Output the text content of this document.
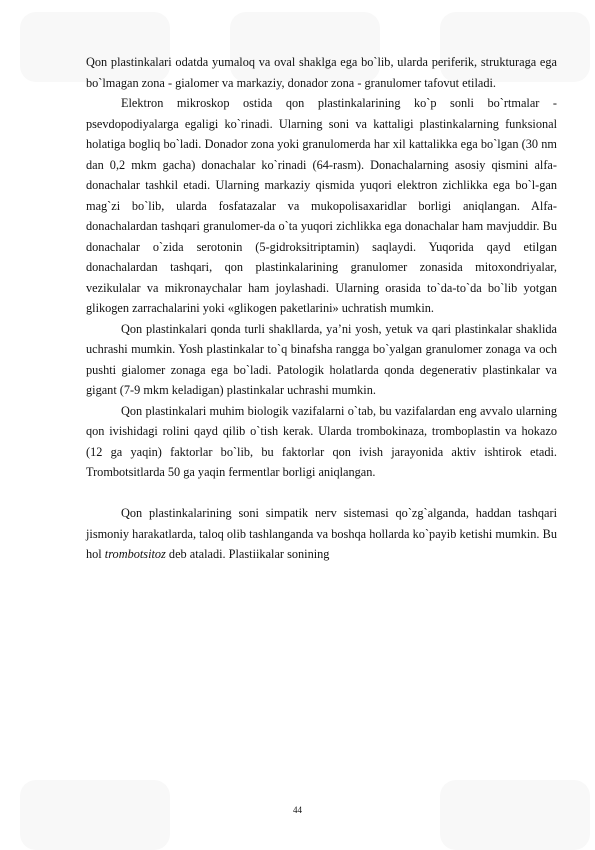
Qon plastinkalari odatda yumaloq va oval shaklga ega bo`lib, ularda periferik, strukturaga ega bo`lmagan zona - gialomer va markaziy, donador zona - granulomer tafovut etiladi.

Elektron mikroskop ostida qon plastinkalarining ko`p sonli bo`rtmalar - psevdopodiyalarga egaligi ko`rinadi. Ularning soni va kattaligi plastinkalarning funksional holatiga bogliq bo`ladi. Donador zona yoki granulomerda har xil kattalikka ega bo`lgan (30 nm dan 0,2 mkm gacha) donachalar ko`rinadi (64-rasm). Donachalarning asosiy qismini alfa-donachalar tashkil etadi. Ularning markaziy qismida yuqori elektron zichlikka ega bo`l-gan mag`zi bo`lib, ularda fosfatazalar va mukopolisaxaridlar borligi aniqlangan. Alfa-donachalardan tashqari granulomer-da o`ta yuqori zichlikka ega donachalar ham mavjuddir. Bu donachalar o`zida serotonin (5-gidroksitriptamin) saqlaydi. Yuqorida qayd etilgan donachalardan tashqari, qon plastinkalarining granulomer zonasida mitoxondriyalar, vezikulalar va mikronaychalar ham joylashadi. Ularning orasida to`da-to`da bo`lib yotgan glikogen zarrachalarini yoki «glikogen paketlarini» uchratish mumkin.

Qon plastinkalari qonda turli shakllarda, ya’ni yosh, yetuk va qari plastinkalar shaklida uchrashi mumkin. Yosh plastinkalar to`q binafsha rangga bo`yalgan granulomer zonaga va och pushti gialomer zonaga ega bo`ladi. Patologik holatlarda qonda degenerativ plastinkalar va gigant (7-9 mkm keladigan) plastinkalar uchrashi mumkin.

Qon plastinkalari muhim biologik vazifalarni o`tab, bu vazifalardan eng avvalo ularning qon ivishidagi rolini qayd qilib o`tish kerak. Ularda trombokinaza, tromboplastin va hokazo (12 ga yaqin) faktorlar bo`lib, bu faktorlar qon ivish jarayonida aktiv ishtirok etadi. Trombotsitlarda 50 ga yaqin fermentlar borligi aniqlangan.

Qon plastinkalarining soni simpatik nerv sistemasi qo`zg`alganda, haddan tashqari jismoniy harakatlarda, taloq olib tashlanganda va boshqa hollarda ko`payib ketishi mumkin. Bu hol trombotsitoz deb ataladi. Plastiikalar sonining

44
